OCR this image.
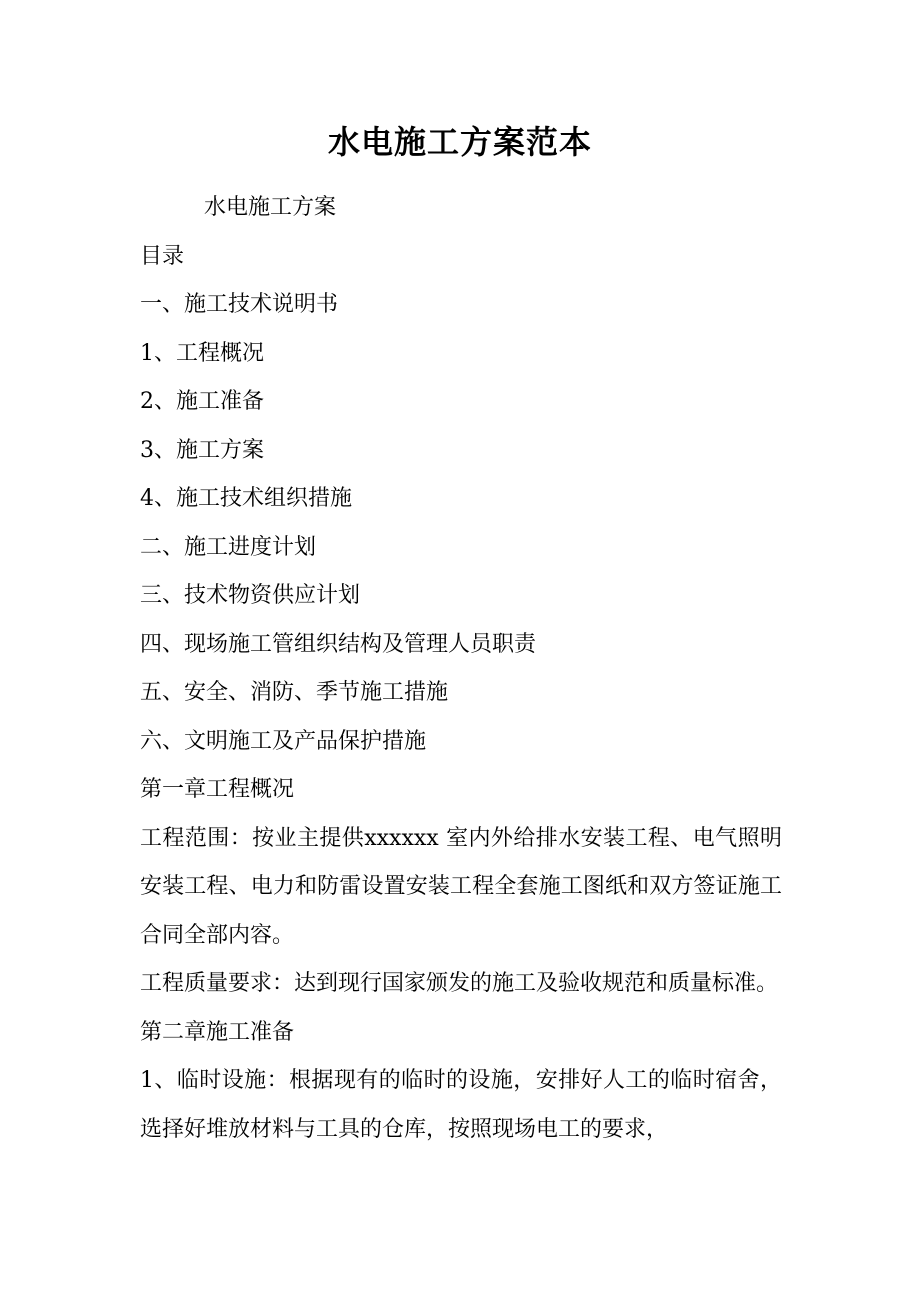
水电施工方案范本

水电施工方案

目录

一、施工技术说明书

1、工程概况

2、施工准备

3、施工方案

4、施工技术组织措施

二、施工进度计划

三、技术物资供应计划

四、现场施工管组织结构及管理人员职责

五、安全、消防、季节施工措施

六、文明施工及产品保护措施

第一章工程概况

工程范围：按业主提供xxxxxx 室内外给排水安装工程、电气照明安装工程、电力和防雷设置安装工程全套施工图纸和双方签证施工合同全部内容。

工程质量要求：达到现行国家颁发的施工及验收规范和质量标准。

第二章施工准备

1、临时设施：根据现有的临时的设施，安排好人工的临时宿舍，选择好堆放材料与工具的仓库，按照现场电工的要求，
